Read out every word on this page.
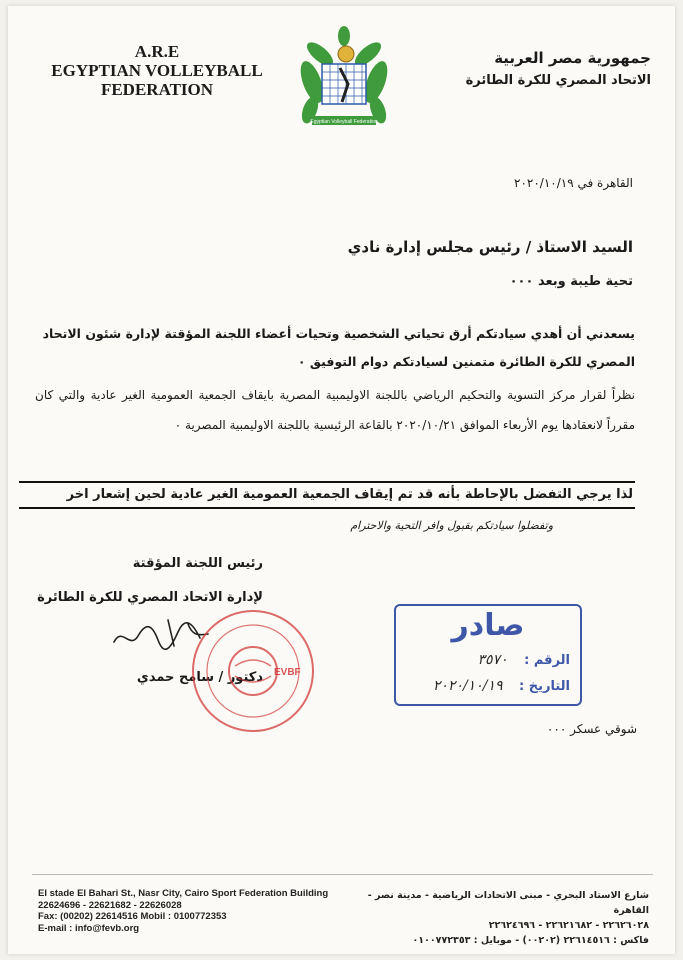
A.R.E
EGYPTIAN VOLLEYBALL
FEDERATION
Egyptian Volleyball Federation
جمهورية مصر العربية
الاتحاد المصري للكرة الطائرة
القاهرة في ٢٠٢٠/١٠/١٩
السيد الاستاذ / رئيس مجلس إدارة نادي
تحية طيبة وبعد ٠٠٠
يسعدني أن أهدي سيادتكم أرق تحياتي الشخصية وتحيات أعضاء اللجنة المؤقتة لإدارة شئون الاتحاد المصري للكرة الطائرة متمنين لسيادتكم دوام التوفيق ٠
نظراً لقرار مركز التسوية والتحكيم الرياضي باللجنة الاوليمبية المصرية بايقاف الجمعية العمومية الغير عادية والتي كان مقرراً لانعقادها يوم الأربعاء الموافق ٢٠٢٠/١٠/٢١ بالقاعة الرئيسية باللجنة الاوليمبية المصرية ٠
لذا يرجي التفضل بالإحاطة بأنه قد تم إيقاف الجمعية العمومية الغير عادية لحين إشعار اخر
وتفضلوا سيادتكم بقبول وافر التحية والاحترام
رئيس اللجنة المؤقتة
لإدارة الاتحاد المصري للكرة الطائرة
دكتور / سامح حمدي EVBF
صادر
الرقم : ٣٥٧٠
التاريخ : ٢٠٢٠/١٠/١٩
شوقي عسكر ٠٠٠
El stade El Bahari St., Nasr City, Cairo Sport Federation Building
22624696 - 22621682 - 22626028
Fax: (00202) 22614516 Mobil : 0100772353
E-mail : info@fevb.org
شارع الاستاد البحري - مبنى الاتحادات الرياضية - مدينة نصر - القاهرة
٢٢٦٢٦٠٢٨ - ٢٢٦٢١٦٨٢ - ٢٢٦٢٤٦٩٦
فاكس : ٢٢٦١٤٥١٦ (٠٠٢٠٢) - موبايل : ٠١٠٠٧٧٢٣٥٣
